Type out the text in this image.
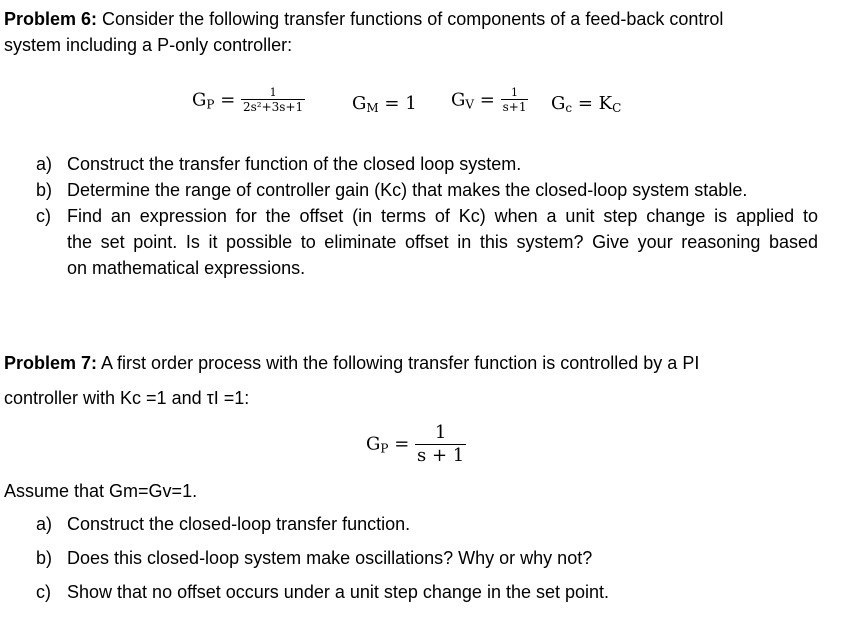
Problem 6: Consider the following transfer functions of components of a feed-back control
system including a P-only controller:
$G_P = \frac{1}{\text{2s²+3s+1}}$	$G_M = 1$ $G_V = \frac{1}{s+1} G_c = K_C$
a) Construct the transfer function of the closed loop system.
b) Determine the range of controller gain (Kc) that makes the closed-loop system stable.
c) Find an expression for the offset (in terms of Kc) when a unit step change is applied to
the set point. Is it possible to eliminate offset in this system? Give your reasoning based
on mathematical expressions.
Problem 7: A first order process with the following transfer function is controlled by a PI
controller with Kc =1 and τI =1:
$G_P = \frac{1}{s + 1}$
Assume that Gm=Gv=1.
a) Construct the closed-loop transfer function.
b) Does this closed-loop system make oscillations? Why or why not?
c) Show that no offset occurs under a unit step change in the set point.
